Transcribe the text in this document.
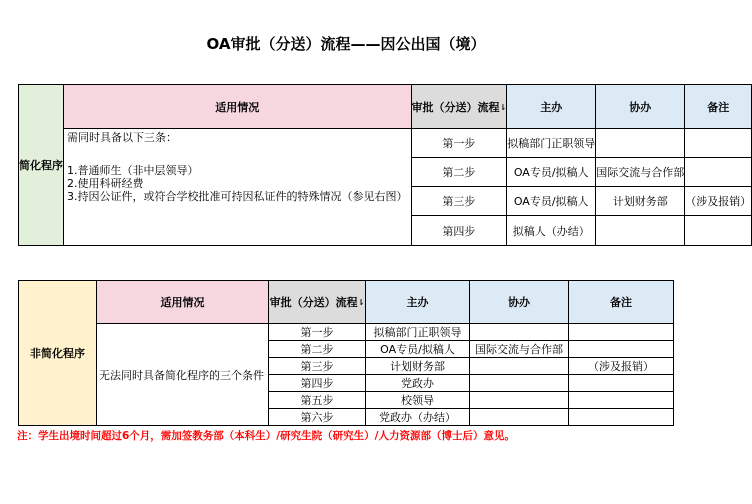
OA审批（分送）流程——因公出国（境）
简化程序	适用情况	审批（分送）流程⇂	主办	协办	备注

	需同时具备以下三条：
1.普通师生（非中层领导）
2.使用科研经费
3.持因公证件，或符合学校批准可持因私证件的特殊情况（参见右图）	第一步	拟稿部门正职领导		
		第二步	OA专员/拟稿人	国际交流与合作部	
		第三步	OA专员/拟稿人	计划财务部	（涉及报销）
		第四步	拟稿人（办结）		
非简化程序	适用情况	审批（分送）流程⇂	主办	协办	备注
	无法同时具备简化程序的三个条件	第一步	拟稿部门正职领导		
		第二步	OA专员/拟稿人	国际交流与合作部	
		第三步	计划财务部		（涉及报销）
		第四步	党政办		
		第五步	校领导		
		第六步	党政办（办结）		
注：学生出境时间超过6个月，需加签教务部（本科生）/研究生院（研究生）/人力资源部（博士后）意见。
